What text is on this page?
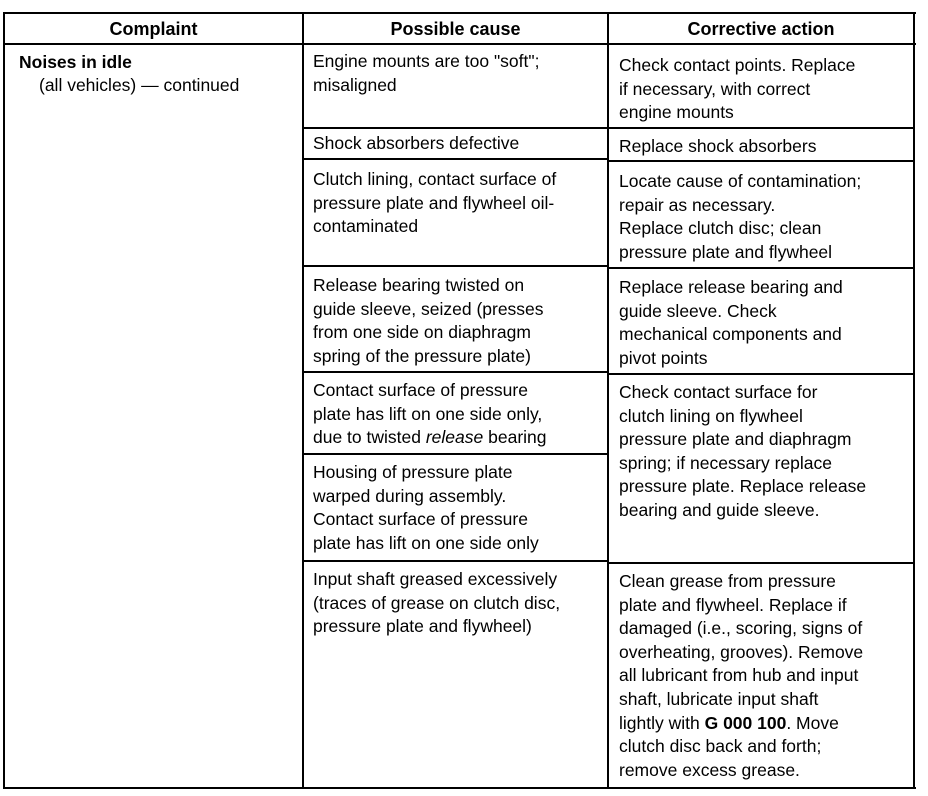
Complaint	Possible cause	Corrective action
Noises in idle
(all vehicles) — continued
Engine mounts are too "soft";
misaligned
Shock absorbers defective
Clutch lining, contact surface of
pressure plate and flywheel oil-
contaminated
Release bearing twisted on
guide sleeve, seized (presses
from one side on diaphragm
spring of the pressure plate)
Contact surface of pressure
plate has lift on one side only,
due to twisted release bearing
Housing of pressure plate
warped during assembly.
Contact surface of pressure
plate has lift on one side only
Input shaft greased excessively
(traces of grease on clutch disc,
pressure plate and flywheel)
Check contact points. Replace
if necessary, with correct
engine mounts
Replace shock absorbers
Locate cause of contamination;
repair as necessary.
Replace clutch disc; clean
pressure plate and flywheel
Replace release bearing and
guide sleeve. Check
mechanical components and
pivot points
Check contact surface for
clutch lining on flywheel
pressure plate and diaphragm
spring; if necessary replace
pressure plate. Replace release
bearing and guide sleeve.
Clean grease from pressure
plate and flywheel. Replace if
damaged (i.e., scoring, signs of
overheating, grooves). Remove
all lubricant from hub and input
shaft, lubricate input shaft
lightly with G 000 100. Move
clutch disc back and forth;
remove excess grease.
